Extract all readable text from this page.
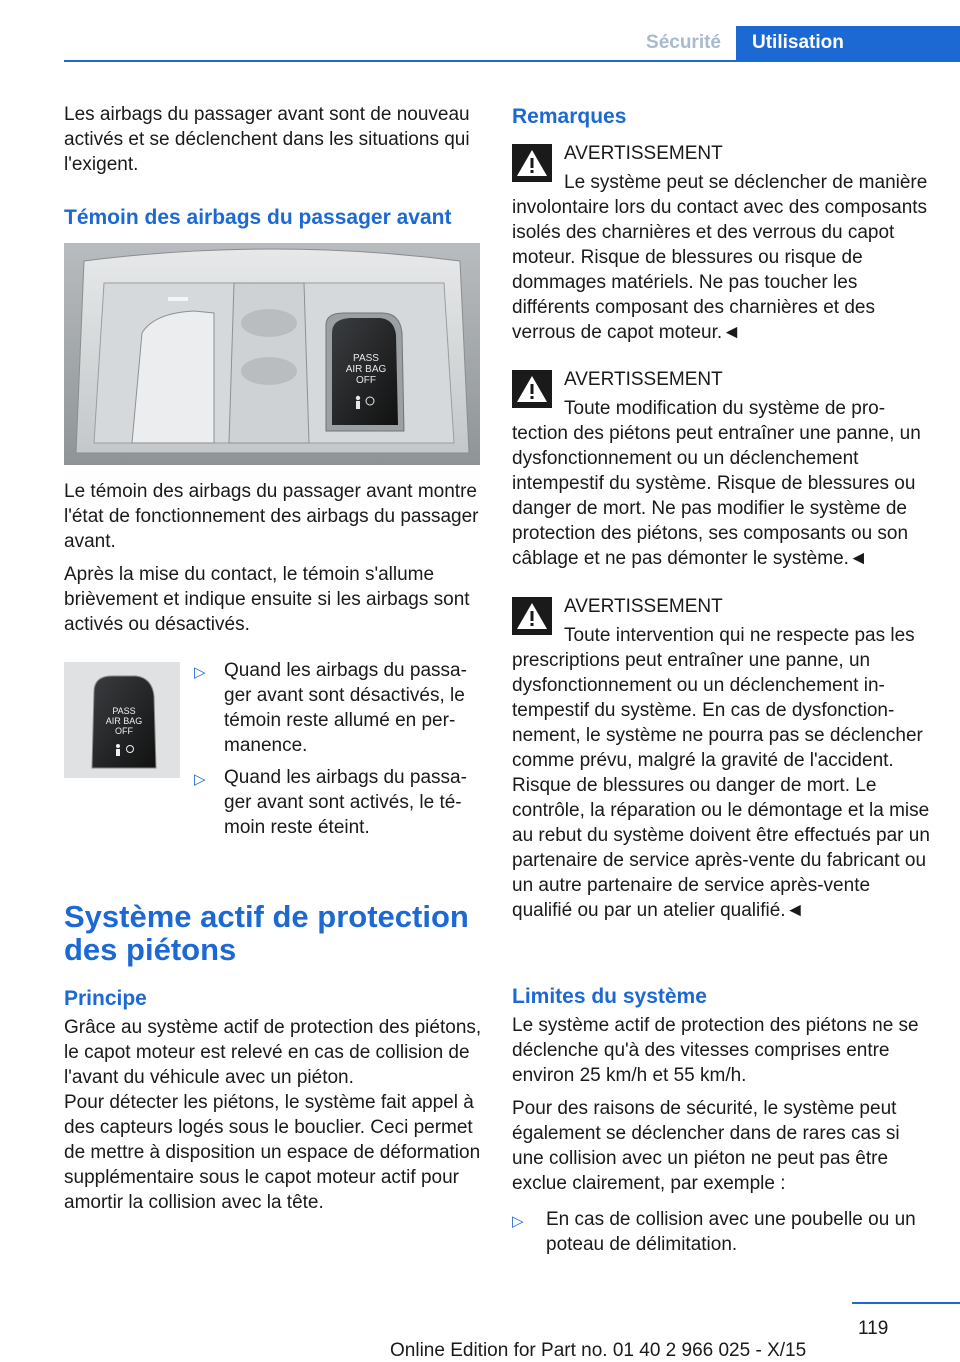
Sécurité	Utilisation

Les airbags du passager avant sont de nouveau activés et se déclenchent dans les situations qui l'exigent.

Témoin des airbags du passager avant
PASS
AIR BAG
OFF

Le témoin des airbags du passager avant montre l'état de fonctionnement des airbags du passager avant.

Après la mise du contact, le témoin s'allume brièvement et indique ensuite si les airbags sont activés ou désactivés.

PASS
AIR BAG
OFF
▷ Quand les airbags du passager avant sont désactivés, le témoin reste allumé en permanence.
▷ Quand les airbags du passager avant sont activés, le témoin reste éteint.
Système actif de protection des piétons

Principe

Grâce au système actif de protection des piétons, le capot moteur est relevé en cas de collision de l'avant du véhicule avec un piéton.

Pour détecter les piétons, le système fait appel à des capteurs logés sous le bouclier. Ceci permet de mettre à disposition un espace de déformation supplémentaire sous le capot moteur actif pour amortir la collision avec la tête.

Remarques

AVERTISSEMENT

Le système peut se déclencher de manière involontaire lors du contact avec des composants isolés des charnières et des verrous du capot moteur. Risque de blessures ou risque de dommages matériels. Ne pas toucher les différents composant des charnières et des verrous de capot moteur.◄

AVERTISSEMENT

Toute modification du système de protection des piétons peut entraîner une panne, un dysfonctionnement ou un déclenchement intempestif du système. Risque de blessures ou danger de mort. Ne pas modifier le système de protection des piétons, ses composants ou son câblage et ne pas démonter le système.◄

AVERTISSEMENT

Toute intervention qui ne respecte pas les prescriptions peut entraîner une panne, un dysfonctionnement ou un déclenchement intempestif du système. En cas de dysfonctionnement, le système ne pourra pas se déclencher comme prévu, malgré la gravité de l'accident. Risque de blessures ou danger de mort. Le contrôle, la réparation ou le démontage et la mise au rebut du système doivent être effectués par un partenaire de service après-vente du fabricant ou un autre partenaire de service après-vente qualifié ou par un atelier qualifié.◄

Limites du système

Le système actif de protection des piétons ne se déclenche qu'à des vitesses comprises entre environ 25 km/h et 55 km/h.

Pour des raisons de sécurité, le système peut également se déclencher dans de rares cas si une collision avec un piéton ne peut pas être exclue clairement, par exemple :

▷	En cas de collision avec une poubelle ou un poteau de délimitation.
119
Online Edition for Part no. 01 40 2 966 025 - X/15
